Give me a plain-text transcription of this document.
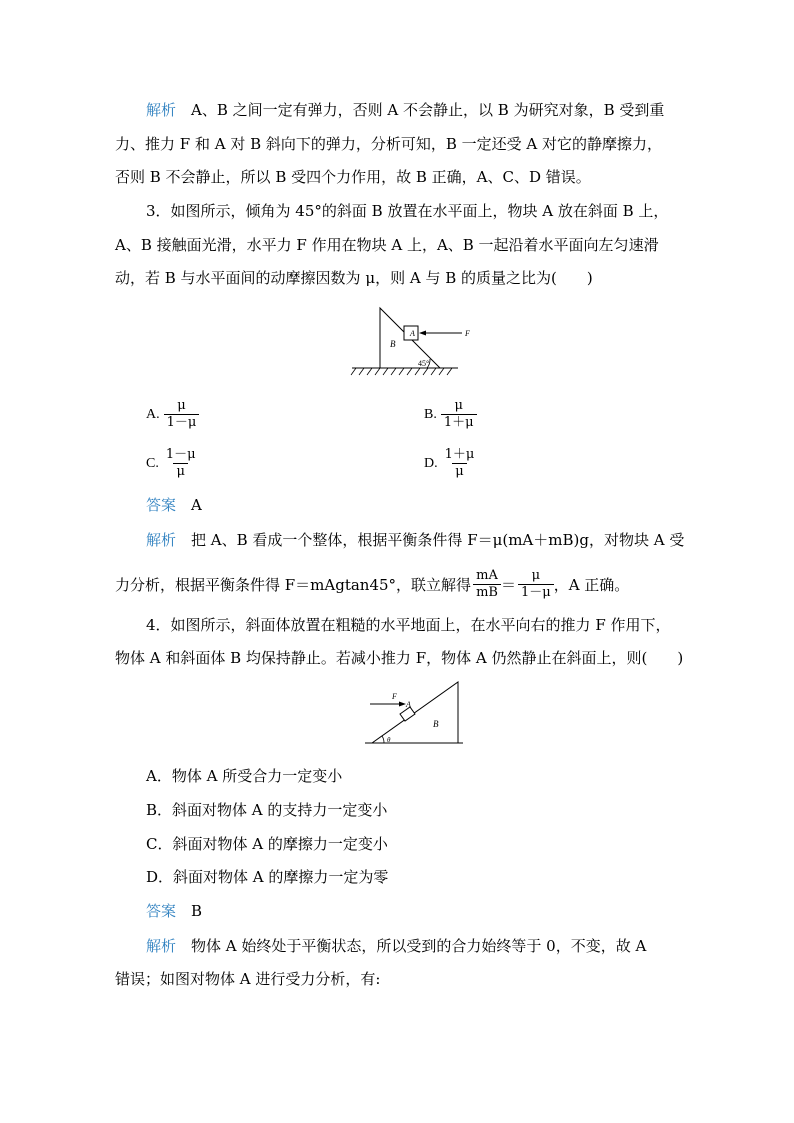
解析　 A、B 之间一定有弹力，否则 A 不会静止，以 B 为研究对象，B 受到重
力、推力 F 和 A 对 B 斜向下的弹力，分析可知，B 一定还受 A 对它的静摩擦力，
否则 B 不会静止，所以 B 受四个力作用，故 B 正确，A、C、D 错误。
3．如图所示，倾角为 45°的斜面 B 放置在水平面上，物块 A 放在斜面 B 上，
A、B 接触面光滑，水平力 F 作用在物块 A 上，A、B 一起沿着水平面向左匀速滑
动，若 B 与水平面间的动摩擦因数为 μ，则 A 与 B 的质量之比为(　　)
A
B
F
45°
A. $\frac{\mu}{1-\mu}$	B. $\frac{\mu}{1+\mu}$
C. $\frac{1-\mu}{\mu}$	D. $\frac{1+\mu}{\mu}$
答案　 A
解析　 把 A、B 看成一个整体，根据平衡条件得 F＝μ(mA＋mB)g，对物块 A 受
力分析，根据平衡条件得 F＝mAgtan45°，联立解得 $\frac{mA}{mB} = \frac{\mu}{1-\mu}$ ，A 正确。
4．如图所示，斜面体放置在粗糙的水平地面上，在水平向右的推力 F 作用下，
物体 A 和斜面体 B 均保持静止。若减小推力 F，物体 A 仍然静止在斜面上，则(　　)
F
A
B
θ
A．物体 A 所受合力一定变小
B．斜面对物体 A 的支持力一定变小
C．斜面对物体 A 的摩擦力一定变小
D．斜面对物体 A 的摩擦力一定为零
答案　 B
解析　 物体 A 始终处于平衡状态，所以受到的合力始终等于 0，不变，故 A
错误；如图对物体 A 进行受力分析，有:
